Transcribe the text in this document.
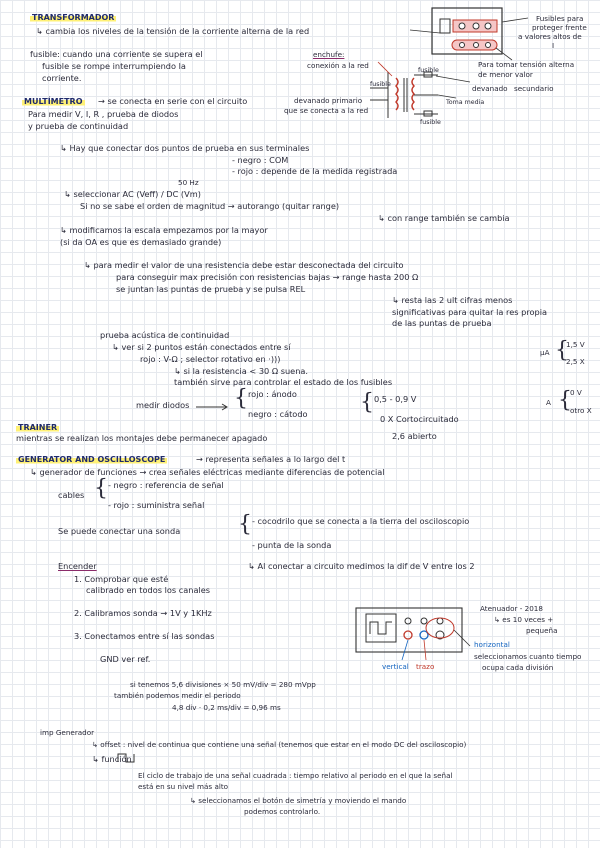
TRANSFORMADOR
↳ cambia los niveles de la tensión de la corriente alterna de la red
fusible: cuando una corriente se supera el
fusible se rompe interrumpiendo la
corriente.
enchufe:
conexión a la red
fusible
fusible
fusible
Fusibles para
proteger frente
a valores altos de
I
Para tomar tensión alterna
de menor valor
devanado primario
que se conecta a la red
Toma media
devanado secundario
MULTÍMETRO → se conecta en serie con el circuito
Para medir V, I, R , prueba de diodos
y prueba de continuidad
↳ Hay que conectar dos puntos de prueba en sus terminales
- negro : COM
- rojo : depende de la medida registrada
50 Hz
↳ seleccionar AC (Veff) / DC (Vm)
Si no se sabe el orden de magnitud → autorango (quitar range)
↳ con range también se cambia
↳ modificamos la escala empezamos por la mayor
(si da OA es que es demasiado grande)
↳ para medir el valor de una resistencia debe estar desconectada del circuito
para conseguir max precisión con resistencias bajas → range hasta 200 Ω
se juntan las puntas de prueba y se pulsa REL
↳ resta las 2 ult cifras menos
significativas para quitar la res propia
de las puntas de prueba
prueba acústica de continuidad
↳ ver si 2 puntos están conectados entre sí
rojo : V-Ω ; selector rotativo en ·)))
↳ si la resistencia < 30 Ω suena.
también sirve para controlar el estado de los fusibles
μA {
1,5 V
2,5 X
A {
0 V
otro X
medir diodos { rojo : ánodo
negro : cátodo { 0,5 - 0,9 V
0 X Cortocircuitado
2,6 abierto
TRAINER
mientras se realizan los montajes debe permanecer apagado
GENERATOR AND OSCILLOSCOPE	→ representa señales a lo largo del t
↳ generador de funciones → crea señales eléctricas mediante diferencias de potencial
cables { - negro : referencia de señal
- rojo : suministra señal
Se puede conectar una sonda	{ - cocodrilo que se conecta a la tierra del osciloscopio
- punta de la sonda
Encender	↳ Al conectar a circuito medimos la dif de V entre los 2
1. Comprobar que esté
calibrado en todos los canales
2. Calibramos sonda → 1V y 1KHz
3. Conectamos entre sí las sondas
GND ver ref.
vertical trazo
horizontal
seleccionamos cuanto tiempo
ocupa cada división
Atenuador - 2018
↳ es 10 veces +
pequeña
si tenemos 5,6 divisiones × 50 mV/div = 280 mVpp
también podemos medir el periodo
4,8 div · 0,2 ms/div = 0,96 ms
imp Generador
↳ offset : nivel de continua que contiene una señal (tenemos que estar en el modo DC del osciloscopio)
↳ función
El ciclo de trabajo de una señal cuadrada : tiempo relativo al periodo en el que la señal
está en su nivel más alto
↳ seleccionamos el botón de simetría y moviendo el mando
podemos controlarlo.
